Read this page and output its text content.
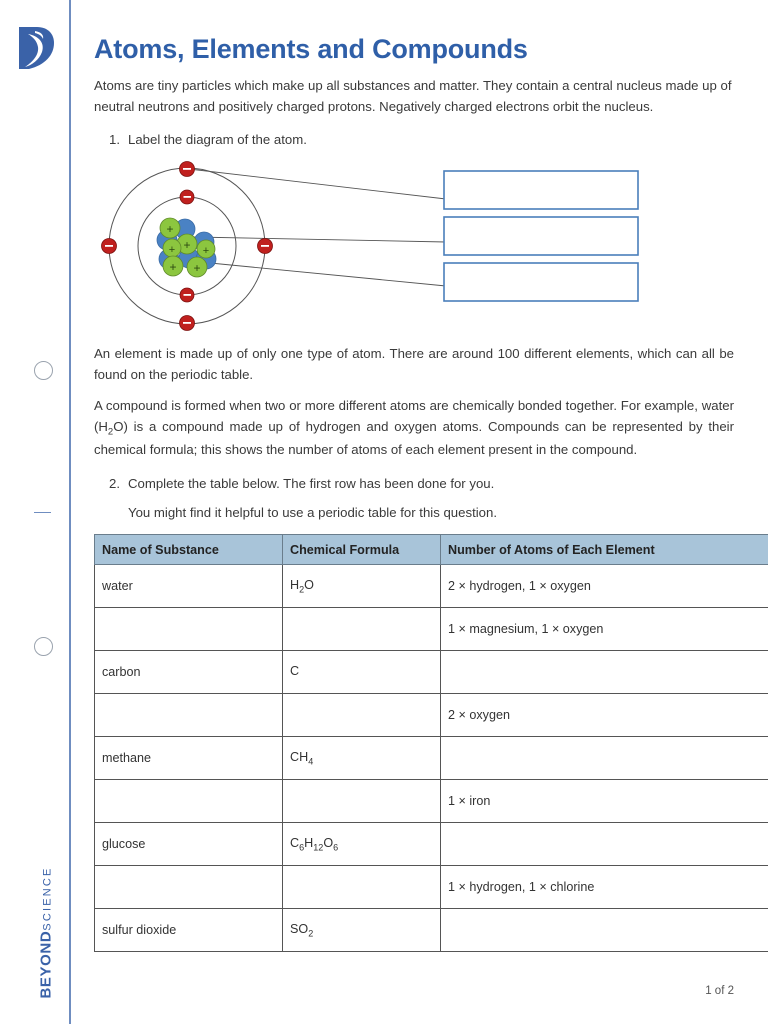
BEYONDSCIENCE
Atoms, Elements and Compounds

Atoms are tiny particles which make up all substances and matter. They contain a central nucleus made up of neutral neutrons and positively charged protons. Negatively charged electrons orbit the nucleus.

1. Label the diagram of the atom.
+
+
+	+
+ +

An element is made up of only one type of atom. There are around 100 different elements, which can all be found on the periodic table.

A compound is formed when two or more different atoms are chemically bonded together. For example, water $(H_2O)$ is a compound made up of hydrogen and oxygen atoms. Compounds can be represented by their chemical formula; this shows the number of atoms of each element present in the compound.

2. Complete the table below. The first row has been done for you.
You might find it helpful to use a periodic table for this question.
Name of Substance	Chemical Formula	Number of Atoms of Each Element
water	$H_2O$	2 × hydrogen, 1 × oxygen
		1 × magnesium, 1 × oxygen
carbon	C	
		2 × oxygen
methane	$CH_4$	
		1 × iron
glucose	$C_6H_{12}O_6$	
		1 × hydrogen, 1 × chlorine
sulfur dioxide	$SO_2$	
1 of 2
